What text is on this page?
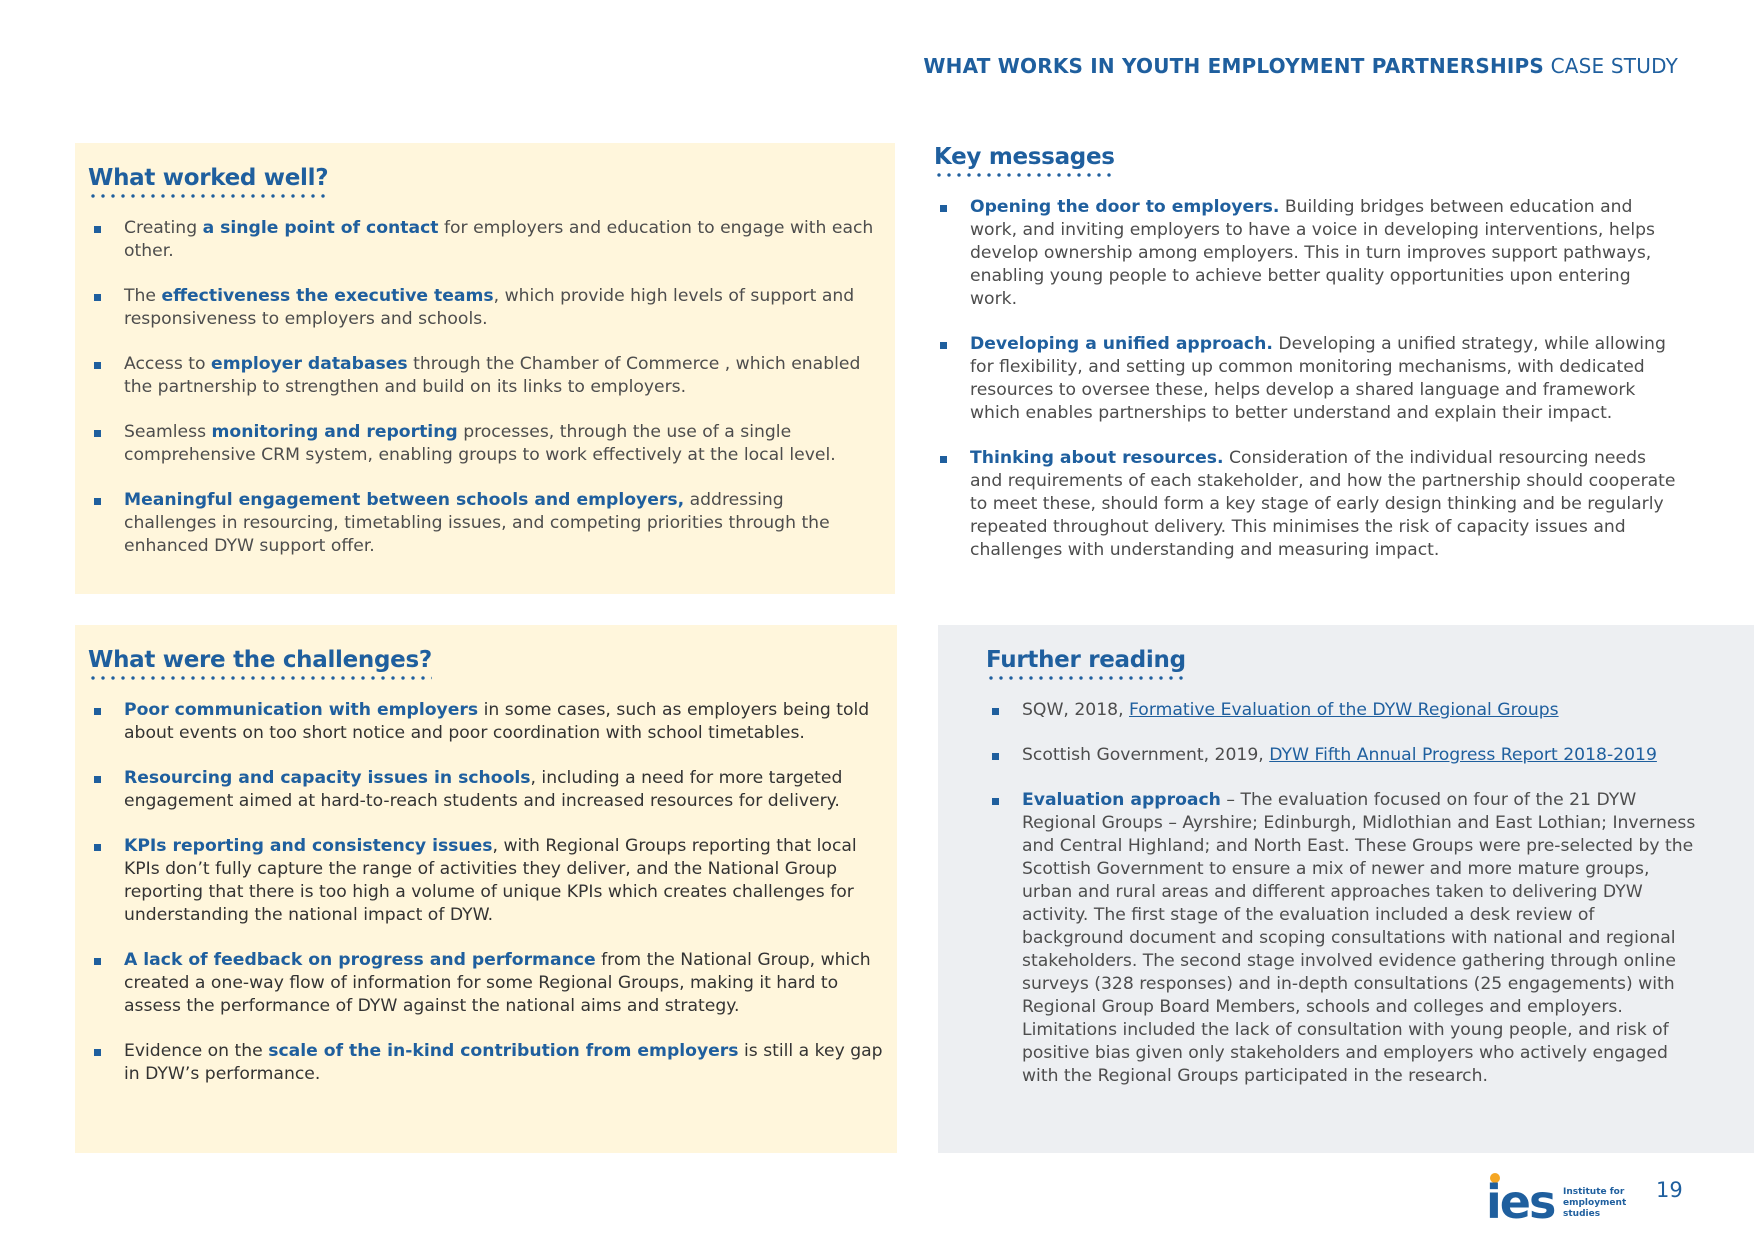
WHAT WORKS IN YOUTH EMPLOYMENT PARTNERSHIPS CASE STUDY
What worked well?
Creating a single point of contact for employers and education to engage with each other.
The effectiveness the executive teams, which provide high levels of support and responsiveness to employers and schools.
Access to employer databases through the Chamber of Commerce , which enabled the partnership to strengthen and build on its links to employers.
Seamless monitoring and reporting processes, through the use of a single comprehensive CRM system, enabling groups to work effectively at the local level.
Meaningful engagement between schools and employers, addressing challenges in resourcing, timetabling issues, and competing priorities through the enhanced DYW support offer.
Key messages
Opening the door to employers. Building bridges between education and work, and inviting employers to have a voice in developing interventions, helps develop ownership among employers. This in turn improves support pathways, enabling young people to achieve better quality opportunities upon entering work.
Developing a unified approach. Developing a unified strategy, while allowing for flexibility, and setting up common monitoring mechanisms, with dedicated resources to oversee these, helps develop a shared language and framework which enables partnerships to better understand and explain their impact.
Thinking about resources. Consideration of the individual resourcing needs and requirements of each stakeholder, and how the partnership should cooperate to meet these, should form a key stage of early design thinking and be regularly repeated throughout delivery. This minimises the risk of capacity issues and challenges with understanding and measuring impact.
What were the challenges?
Poor communication with employers in some cases, such as employers being told about events on too short notice and poor coordination with school timetables.
Resourcing and capacity issues in schools, including a need for more targeted engagement aimed at hard-to-reach students and increased resources for delivery.
KPIs reporting and consistency issues, with Regional Groups reporting that local KPIs don’t fully capture the range of activities they deliver, and the National Group reporting that there is too high a volume of unique KPIs which creates challenges for understanding the national impact of DYW.
A lack of feedback on progress and performance from the National Group, which created a one-way flow of information for some Regional Groups, making it hard to assess the performance of DYW against the national aims and strategy.
Evidence on the scale of the in-kind contribution from employers is still a key gap in DYW’s performance.
Further reading
SQW, 2018, Formative Evaluation of the DYW Regional Groups
Scottish Government, 2019, DYW Fifth Annual Progress Report 2018-2019
Evaluation approach – The evaluation focused on four of the 21 DYW Regional Groups – Ayrshire; Edinburgh, Midlothian and East Lothian; Inverness and Central Highland; and North East. These Groups were pre-selected by the Scottish Government to ensure a mix of newer and more mature groups, urban and rural areas and different approaches taken to delivering DYW activity. The first stage of the evaluation included a desk review of background document and scoping consultations with national and regional stakeholders. The second stage involved evidence gathering through online surveys (328 responses) and in-depth consultations (25 engagements) with Regional Group Board Members, schools and colleges and employers. Limitations included the lack of consultation with young people, and risk of positive bias given only stakeholders and employers who actively engaged with the Regional Groups participated in the research.
ies Institute for
employment
studies
19
